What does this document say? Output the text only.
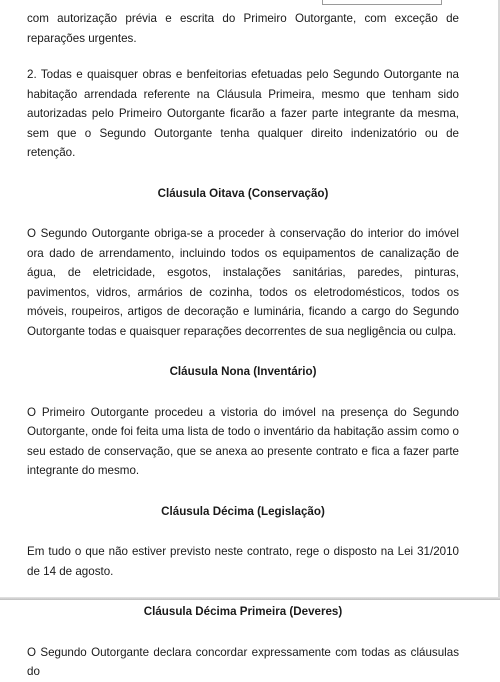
com autorização prévia e escrita do Primeiro Outorgante, com exceção de reparações urgentes.

2. Todas e quaisquer obras e benfeitorias efetuadas pelo Segundo Outorgante na habitação arrendada referente na Cláusula Primeira, mesmo que tenham sido autorizadas pelo Primeiro Outorgante ficarão a fazer parte integrante da mesma, sem que o Segundo Outorgante tenha qualquer direito indenizatório ou de retenção.

Cláusula Oitava (Conservação)

O Segundo Outorgante obriga-se a proceder à conservação do interior do imóvel ora dado de arrendamento, incluindo todos os equipamentos de canalização de água, de eletricidade, esgotos, instalações sanitárias, paredes, pinturas, pavimentos, vidros, armários de cozinha, todos os eletrodomésticos, todos os móveis, roupeiros, artigos de decoração e luminária, ficando a cargo do Segundo Outorgante todas e quaisquer reparações decorrentes de sua negligência ou culpa.

Cláusula Nona (Inventário)

O Primeiro Outorgante procedeu a vistoria do imóvel na presença do Segundo Outorgante, onde foi feita uma lista de todo o inventário da habitação assim como o seu estado de conservação, que se anexa ao presente contrato e fica a fazer parte integrante do mesmo.

Cláusula Décima (Legislação)

Em tudo o que não estiver previsto neste contrato, rege o disposto na Lei 31/2010 de 14 de agosto.

Cláusula Décima Primeira (Deveres)

O Segundo Outorgante declara concordar expressamente com todas as cláusulas do
